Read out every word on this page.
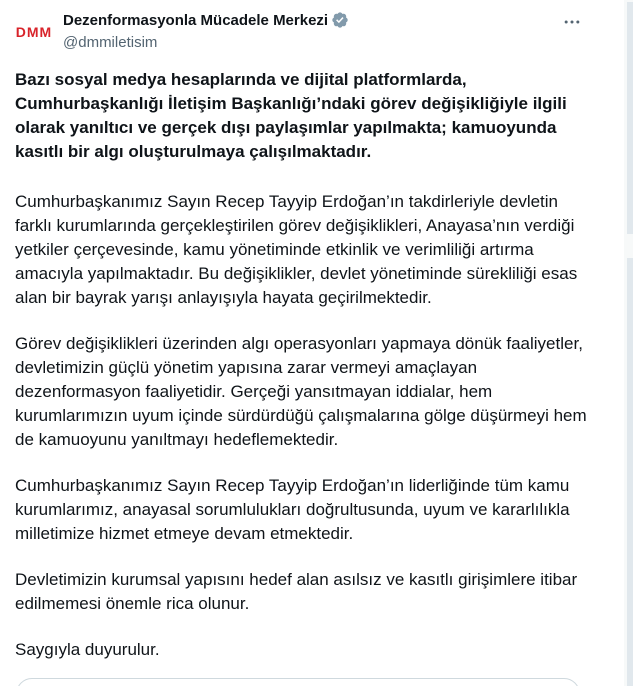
DMM
Dezenformasyonla Mücadele Merkezi
@dmmiletisim

Bazı sosyal medya hesaplarında ve dijital platformlarda, Cumhurbaşkanlığı İletişim Başkanlığı’ndaki görev değişikliğiyle ilgili olarak yanıltıcı ve gerçek dışı paylaşımlar yapılmakta; kamuoyunda kasıtlı bir algı oluşturulmaya çalışılmaktadır.

Cumhurbaşkanımız Sayın Recep Tayyip Erdoğan’ın takdirleriyle devletin farklı kurumlarında gerçekleştirilen görev değişiklikleri, Anayasa’nın verdiği yetkiler çerçevesinde, kamu yönetiminde etkinlik ve verimliliği artırma amacıyla yapılmaktadır. Bu değişiklikler, devlet yönetiminde sürekliliği esas alan bir bayrak yarışı anlayışıyla hayata geçirilmektedir.

Görev değişiklikleri üzerinden algı operasyonları yapmaya dönük faaliyetler, devletimizin güçlü yönetim yapısına zarar vermeyi amaçlayan dezenformasyon faaliyetidir. Gerçeği yansıtmayan iddialar, hem kurumlarımızın uyum içinde sürdürdüğü çalışmalarına gölge düşürmeyi hem de kamuoyunu yanıltmayı hedeflemektedir.

Cumhurbaşkanımız Sayın Recep Tayyip Erdoğan’ın liderliğinde tüm kamu kurumlarımız, anayasal sorumlulukları doğrultusunda, uyum ve kararlılıkla milletimize hizmet etmeye devam etmektedir.

Devletimizin kurumsal yapısını hedef alan asılsız ve kasıtlı girişimlere itibar edilmemesi önemle rica olunur.

Saygıyla duyurulur.
